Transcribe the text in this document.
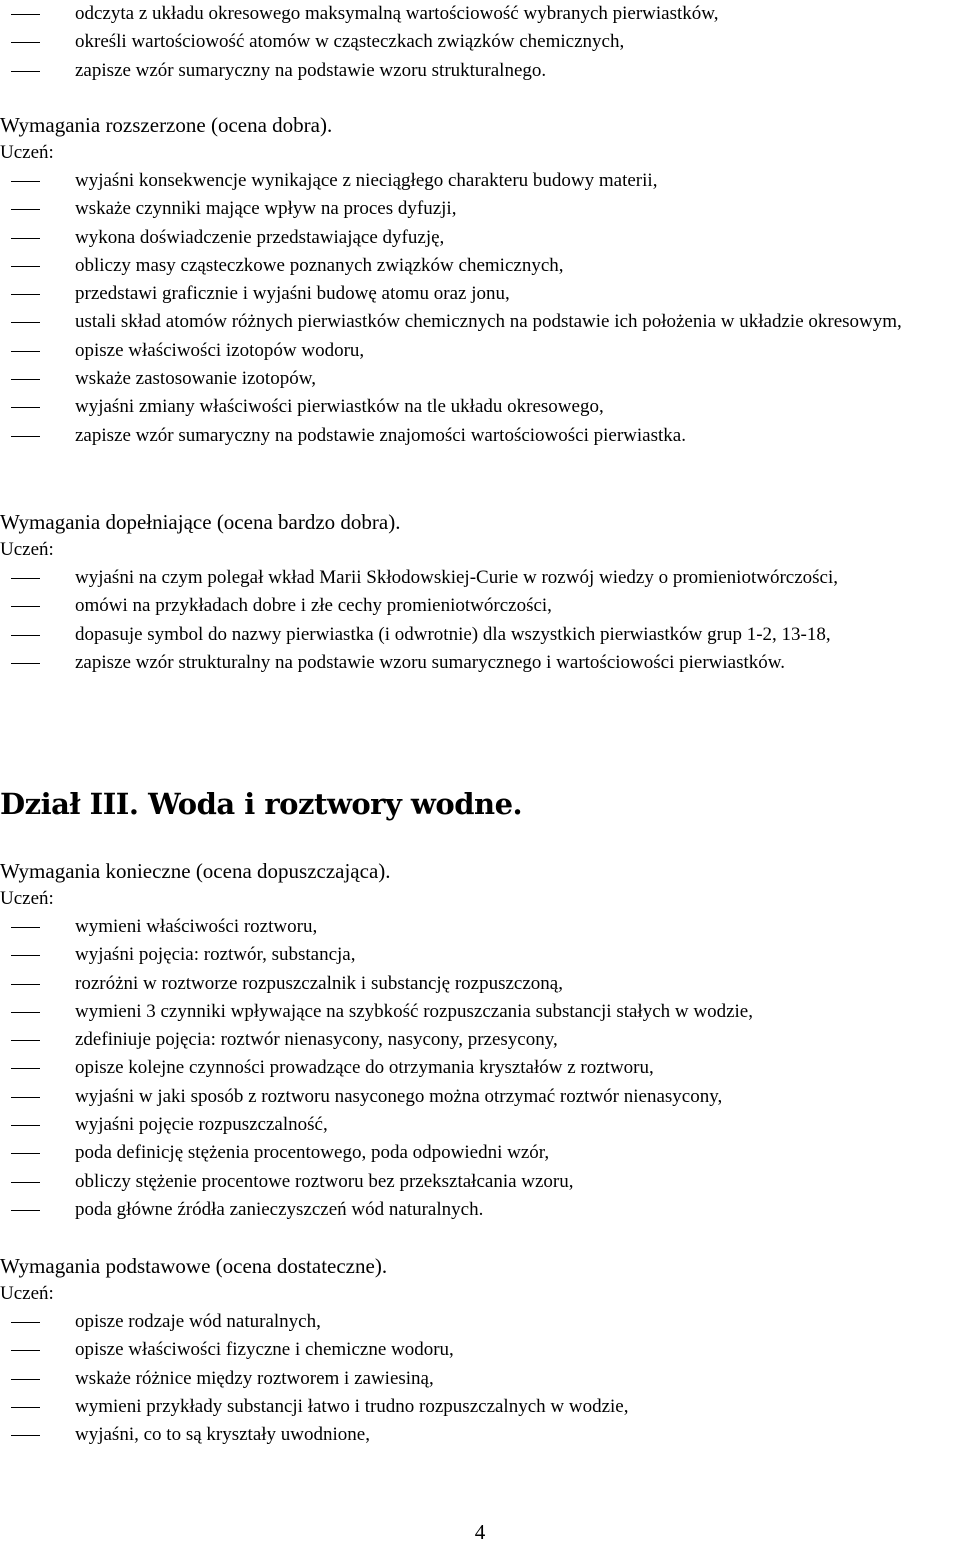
odczyta z układu okresowego maksymalną wartościowość wybranych pierwiastków,
określi wartościowość atomów w cząsteczkach związków chemicznych,
zapisze wzór sumaryczny na podstawie wzoru strukturalnego.
Wymagania rozszerzone (ocena dobra).
Uczeń:
wyjaśni konsekwencje wynikające z nieciągłego charakteru budowy materii,
wskaże czynniki mające wpływ na proces dyfuzji,
wykona doświadczenie przedstawiające dyfuzję,
obliczy masy cząsteczkowe poznanych związków chemicznych,
przedstawi graficznie i wyjaśni budowę atomu oraz jonu,
ustali skład atomów różnych pierwiastków chemicznych na podstawie ich położenia w układzie okresowym,
opisze właściwości izotopów wodoru,
wskaże zastosowanie izotopów,
wyjaśni zmiany właściwości pierwiastków na tle układu okresowego,
zapisze wzór sumaryczny na podstawie znajomości wartościowości pierwiastka.
Wymagania dopełniające (ocena bardzo dobra).
Uczeń:
wyjaśni na czym polegał wkład Marii Skłodowskiej-Curie w rozwój wiedzy o promieniotwórczości,
omówi na przykładach dobre i złe cechy promieniotwórczości,
dopasuje symbol do nazwy pierwiastka (i odwrotnie) dla wszystkich pierwiastków grup 1-2, 13-18,
zapisze wzór strukturalny na podstawie wzoru sumarycznego i wartościowości pierwiastków.
Dział III. Woda i roztwory wodne.
Wymagania konieczne (ocena dopuszczająca).
Uczeń:
wymieni właściwości roztworu,
wyjaśni pojęcia: roztwór, substancja,
rozróżni w roztworze rozpuszczalnik i substancję rozpuszczoną,
wymieni 3 czynniki wpływające na szybkość rozpuszczania substancji stałych w wodzie,
zdefiniuje pojęcia: roztwór nienasycony, nasycony, przesycony,
opisze kolejne czynności prowadzące do otrzymania kryształów z roztworu,
wyjaśni w jaki sposób z roztworu nasyconego można otrzymać roztwór nienasycony,
wyjaśni pojęcie rozpuszczalność,
poda definicję stężenia procentowego, poda odpowiedni wzór,
obliczy stężenie procentowe roztworu bez przekształcania wzoru,
poda główne źródła zanieczyszczeń wód naturalnych.
Wymagania podstawowe (ocena dostateczne).
Uczeń:
opisze rodzaje wód naturalnych,
opisze właściwości fizyczne i chemiczne wodoru,
wskaże różnice między roztworem i zawiesiną,
wymieni przykłady substancji łatwo i trudno rozpuszczalnych w wodzie,
wyjaśni, co to są kryształy uwodnione,
4
